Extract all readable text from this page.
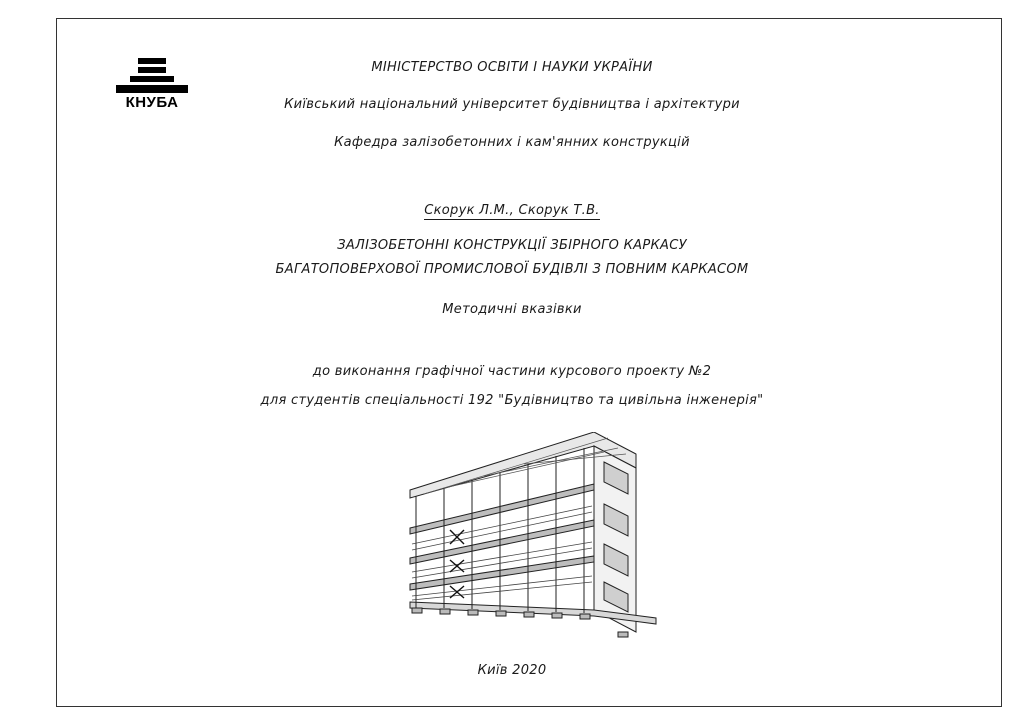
КНУБА
МІНІСТЕРСТВО ОСВІТИ І НАУКИ УКРАЇНИ
Київський національний університет будівництва і архітектури
Кафедра залізобетонних і кам'янних конструкцій
Скорук Л.М., Скорук Т.В.
ЗАЛІЗОБЕТОННІ КОНСТРУКЦІЇ ЗБІРНОГО КАРКАСУ
БАГАТОПОВЕРХОВОЇ ПРОМИСЛОВОЇ БУДІВЛІ З ПОВНИМ КАРКАСОМ
Методичні вказівки
до виконання графічної частини курсового проекту №2
для студентів спеціальності 192 "Будівництво та цивільна інженерія"
Київ 2020
